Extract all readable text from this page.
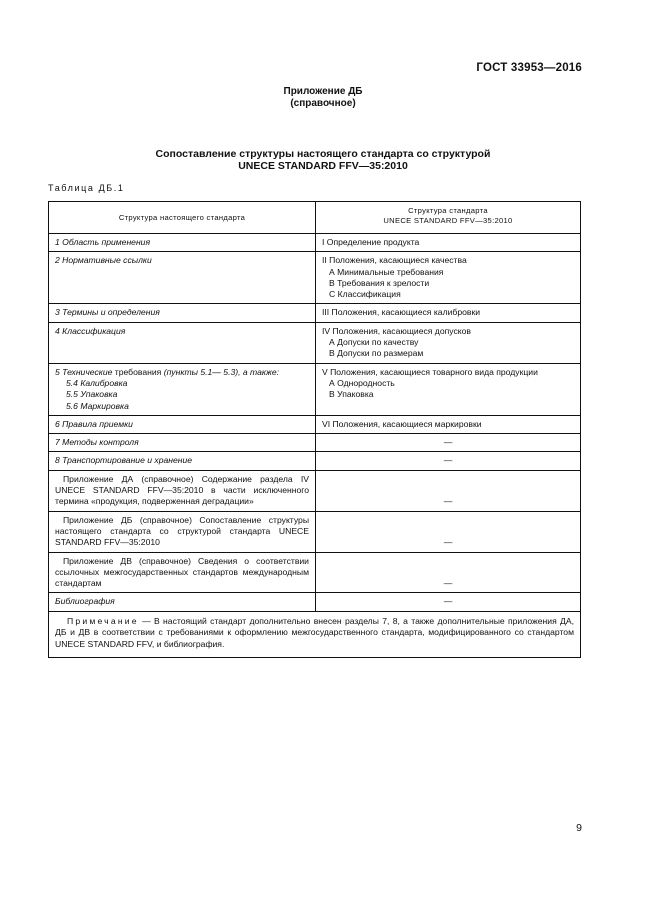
ГОСТ 33953—2016
Приложение ДБ
(справочное)
Сопоставление структуры настоящего стандарта со структурой
UNECE STANDARD FFV—35:2010
Таблица ДБ.1
Структура настоящего стандарта	Структура стандарта
UNECE STANDARD FFV—35:2010

1 Область применения	I Определение продукта
2 Нормативные ссылки	II Положения, касающиеся качества
А Минимальные требования
В Требования к зрелости
С Классификация

3 Термины и определения	III Положения, касающиеся калибровки
4 Классификация	IV Положения, касающиеся допусков
А Допуски по качеству
В Допуски по размерам

5 Технические требования (пункты 5.1— 5.3), а также:
5.4 Калибровка
5.5 Упаковка
5.6 Маркировка	V Положения, касающиеся товарного вида продукции
А Однородность
В Упаковка

6 Правила приемки	VI Положения, касающиеся маркировки
7 Методы контроля	—
8 Транспортирование и хранение	—
Приложение ДА (справочное) Содержание раздела IV UNECE STANDARD FFV—35:2010 в части исключенного термина «продукция, подверженная деградации»	—
Приложение ДБ (справочное) Сопоставление структуры настоящего стандарта со структурой стандарта UNECE STANDARD FFV—35:2010	—
Приложение ДВ (справочное) Сведения о соответствии ссылочных межгосударственных стандартов международным стандартам	—
Библиография	—
Примечание — В настоящий стандарт дополнительно внесен разделы 7, 8, а также дополнительные приложения ДА, ДБ и ДВ в соответствии с требованиями к оформлению межгосударственного стандарта, модифицированного со стандартом UNECE STANDARD FFV, и библиография.	
9
